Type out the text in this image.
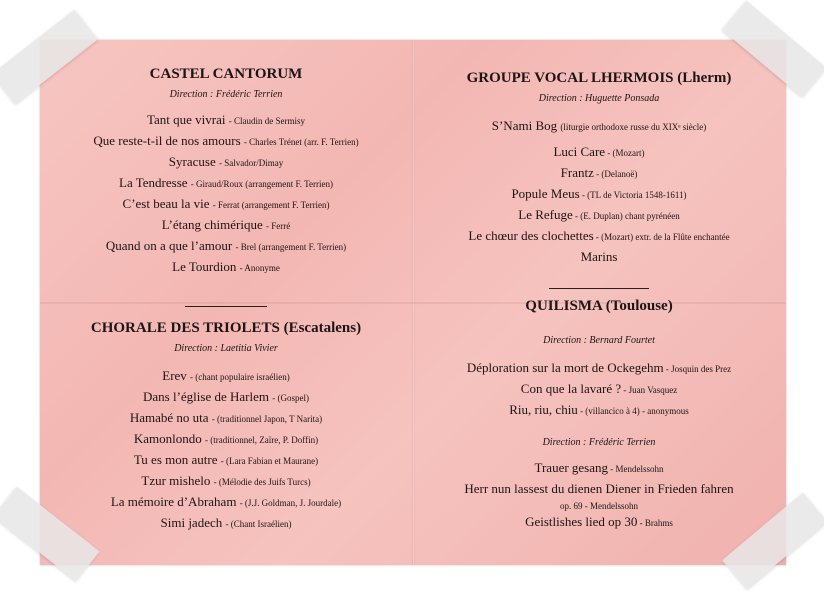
CASTEL CANTORUM
Direction : Frédéric Terrien
Tant que vivrai - Claudin de Sermisy
Que reste-t-il de nos amours - Charles Trénet (arr. F. Terrien)
Syracuse - Salvador/Dimay
La Tendresse - Giraud/Roux (arrangement F. Terrien)
C’est beau la vie - Ferrat (arrangement F. Terrien)
L’étang chimérique - Ferré
Quand on a que l’amour - Brel (arrangement F. Terrien)
Le Tourdion - Anonyme
CHORALE DES TRIOLETS (Escatalens)
Direction : Laetitia Vivier
Erev - (chant populaire israélien)
Dans l’église de Harlem - (Gospel)
Hamabé no uta - (traditionnel Japon, T Narita)
Kamonlondo - (traditionnel, Zaïre, P. Doffin)
Tu es mon autre - (Lara Fabian et Maurane)
Tzur mishelo - (Mélodie des Juifs Turcs)
La mémoire d’Abraham - (J.J. Goldman, J. Jourdale)
Simi jadech - (Chant Israélien)
GROUPE VOCAL LHERMOIS (Lherm)
Direction : Huguette Ponsada
S’Nami Bog (liturgie orthodoxe russe du XIXᵉ siècle)
Luci Care - (Mozart)
Frantz - (Delanoë)
Popule Meus - (TL de Victoria 1548-1611)
Le Refuge - (E. Duplan) chant pyrénéen
Le chœur des clochettes - (Mozart) extr. de la Flûte enchantée
Marins
QUILISMA (Toulouse)
Direction : Bernard Fourtet
Déploration sur la mort de Ockegehm - Josquin des Prez
Con que la lavaré ? - Juan Vasquez
Riu, riu, chiu - (villancico à 4) - anonymous
Direction : Frédéric Terrien
Trauer gesang - Mendelssohn
Herr nun lassest du dienen Diener in Frieden fahren
op. 69 - Mendelssohn
Geistlishes lied op 30 - Brahms
